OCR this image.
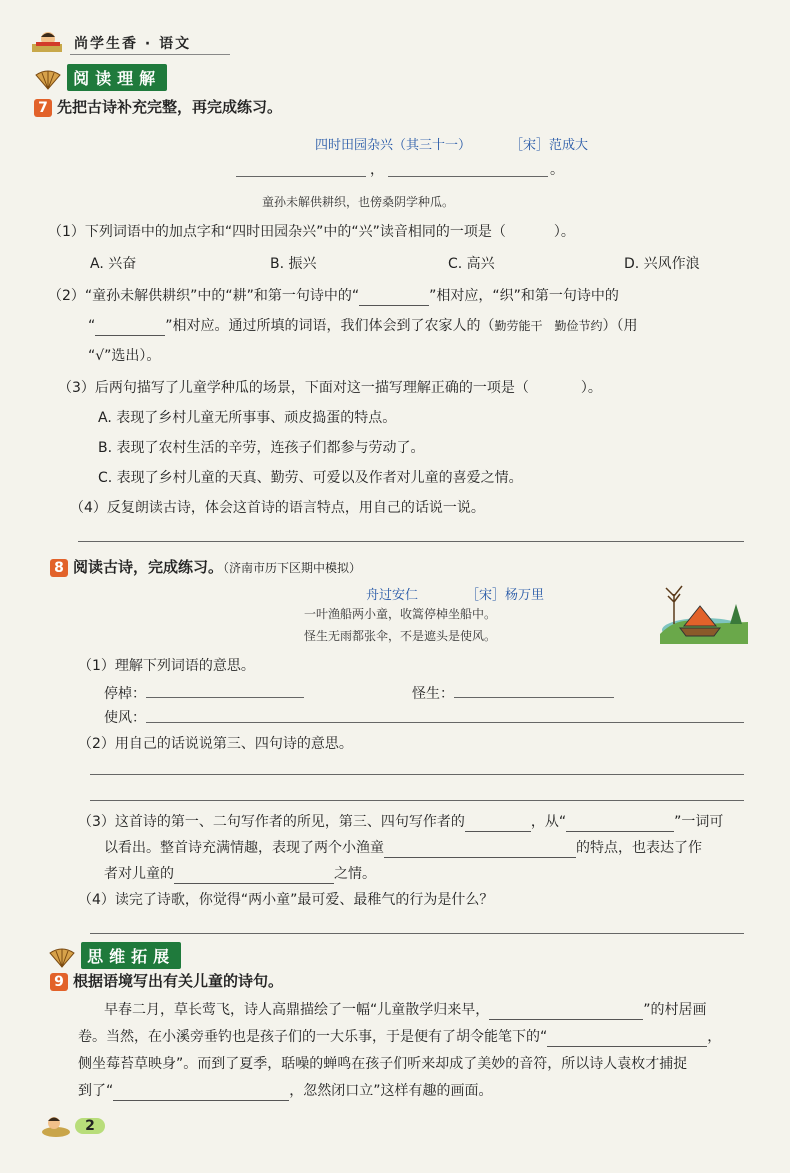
尚学生香 · 语文
阅读理解
7 先把古诗补充完整，再完成练习。
四时田园杂兴（其三十一）	［宋］范成大
，	。
童孙未解供耕织，也傍桑阴学种瓜。
（1）下列词语中的加点字和“四时田园杂兴”中的“兴”读音相同的一项是（	）。
A. 兴奋	B. 振兴	C. 高兴	D. 兴风作浪
（2）“童孙未解供耕织”中的“耕”和第一句诗中的“	”相对应，“织”和第一句诗中的
“	”相对应。通过所填的词语，我们体会到了农家人的（勤劳能干　勤俭节约）（用
“√”选出）。
（3）后两句描写了儿童学种瓜的场景，下面对这一描写理解正确的一项是（	）。
A. 表现了乡村儿童无所事事、顽皮捣蛋的特点。
B. 表现了农村生活的辛劳，连孩子们都参与劳动了。
C. 表现了乡村儿童的天真、勤劳、可爱以及作者对儿童的喜爱之情。
（4）反复朗读古诗，体会这首诗的语言特点，用自己的话说一说。
8 阅读古诗，完成练习。（济南市历下区期中模拟）
舟过安仁	［宋］杨万里
一叶渔船两小童，收篙停棹坐船中。
怪生无雨都张伞，不是遮头是使风。
（1）理解下列词语的意思。
停棹：	怪生：
使风：
（2）用自己的话说说第三、四句诗的意思。
（3）这首诗的第一、二句写作者的所见，第三、四句写作者的	，从“	”一词可
以看出。整首诗充满情趣，表现了两个小渔童	的特点，也表达了作
者对儿童的	之情。
（4）读完了诗歌，你觉得“两小童”最可爱、最稚气的行为是什么？
思维拓展
9 根据语境写出有关儿童的诗句。
早春二月，草长莺飞，诗人高鼎描绘了一幅“儿童散学归来早，	”的村居画
卷。当然，在小溪旁垂钓也是孩子们的一大乐事，于是便有了胡令能笔下的“	，
侧坐莓苔草映身”。而到了夏季，聒噪的蝉鸣在孩子们听来却成了美妙的音符，所以诗人袁枚才捕捉
到了“	，忽然闭口立”这样有趣的画面。
2
